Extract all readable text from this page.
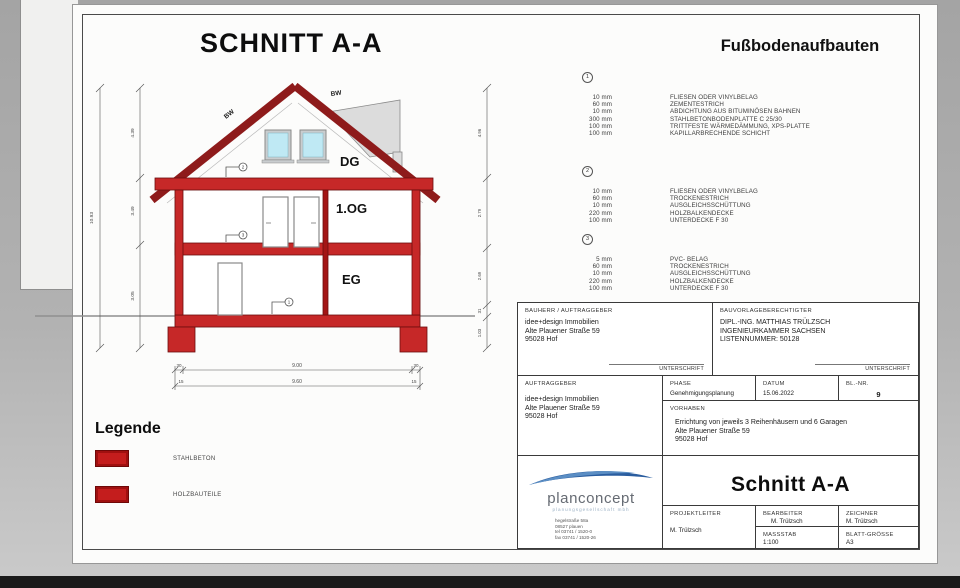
SCHNITT A-A	Fußbodenaufbauten
2
3
1
DG
1.OG
EG
BW
BW
10.93
4.39
3.49
3.05
4.96
2.79
2.69
31
1.03
30	9.00	30
15	9.60	15
1
10 mm	FLIESEN ODER VINYLBELAG
60 mm	ZEMENTESTRICH
10 mm	ABDICHTUNG AUS BITUMINÖSEN BAHNEN
300 mm	STAHLBETONBODENPLATTE C 25/30
100 mm	TRITTFESTE WÄRMEDÄMMUNG, XPS-PLATTE
100 mm	KAPILLARBRECHENDE SCHICHT
2
10 mm	FLIESEN ODER VINYLBELAG
60 mm	TROCKENESTRICH
10 mm	AUSGLEICHSSCHÜTTUNG
220 mm	HOLZBALKENDECKE
100 mm	UNTERDECKE F 30
3
5 mm	PVC- BELAG
60 mm	TROCKENESTRICH
10 mm	AUSGLEICHSSCHÜTTUNG
220 mm	HOLZBALKENDECKE
100 mm	UNTERDECKE F 30
Legende
STAHLBETON
HOLZBAUTEILE
BAUHERR / AUFTRAGGEBER
idee+design Immobilien
Alte Plauener Straße 59
95028 Hof
UNTERSCHRIFT
BAUVORLAGEBERECHTIGTER
DIPL.-ING. MATTHIAS TRÜLZSCH
INGENIEURKAMMER SACHSEN
LISTENNUMMER: 50128
UNTERSCHRIFT
AUFTRAGGEBER
idee+design Immobilien
Alte Plauener Straße 59
95028 Hof
PHASE
Genehmigungsplanung
DATUM
15.06.2022
BL.-NR.
9
VORHABEN
Errichtung von jeweils 3 Reihenhäusern und 6 Garagen
Alte Plauener Straße 59
95028 Hof
planconcept
planungsgesellschaft mbh
hegelstraße 58a
08527 plauen
tel 03741 / 1520-0
fax 03741 / 1520-26
Schnitt A-A
PROJEKTLEITER
M. Trülzsch
BEARBEITER
M. Trülzsch
ZEICHNER
M. Trülzsch
MASSSTAB
1:100
BLATT-GRÖSSE
A3
